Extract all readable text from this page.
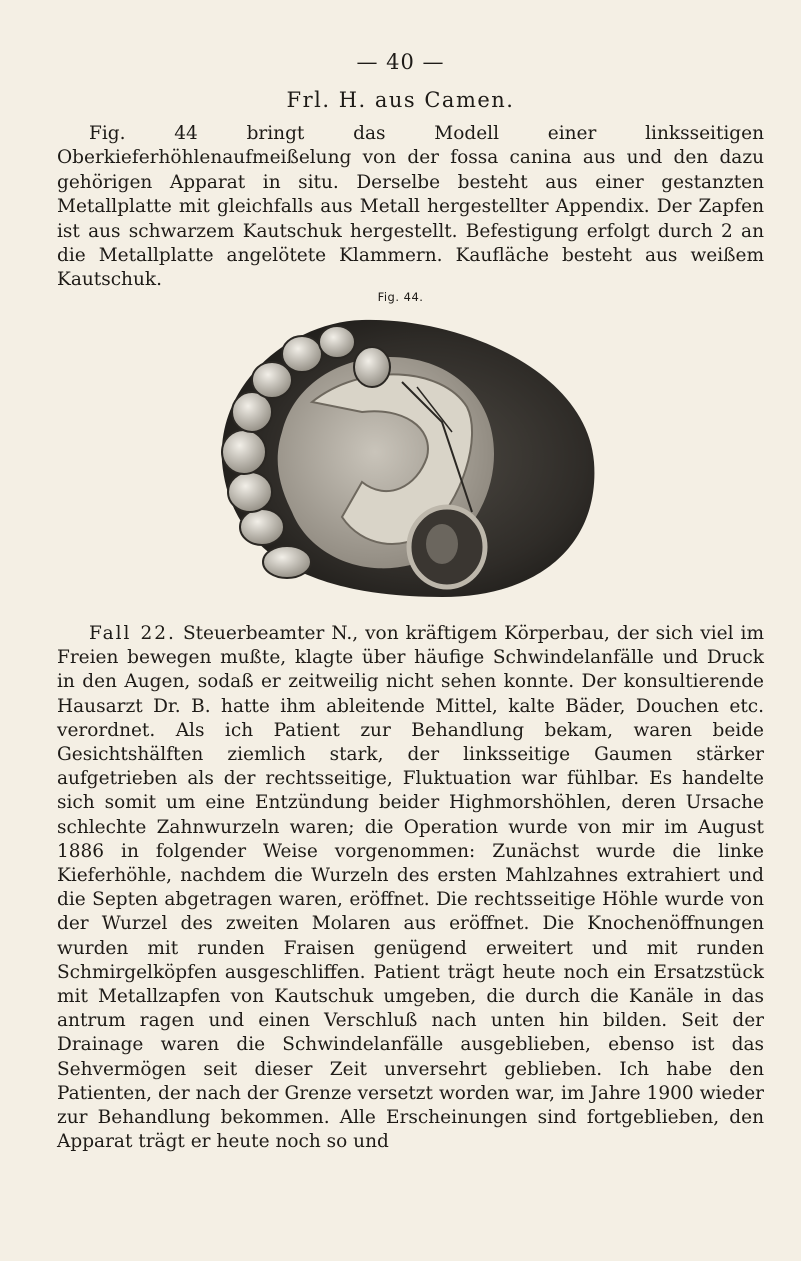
— 40 —
Frl. H. aus Camen.

Fig. 44 bringt das Modell einer linksseitigen Oberkieferhöhlenaufmeißelung von der fossa canina aus und den dazu gehörigen Apparat in situ. Derselbe besteht aus einer gestanzten Metallplatte mit gleichfalls aus Metall hergestellter Appendix. Der Zapfen ist aus schwarzem Kautschuk hergestellt. Befestigung erfolgt durch 2 an die Metallplatte angelötete Klammern. Kaufläche besteht aus weißem Kautschuk.

Fig. 44.

Fall 22. Steuerbeamter N., von kräftigem Körperbau, der sich viel im Freien bewegen mußte, klagte über häufige Schwindelanfälle und Druck in den Augen, sodaß er zeitweilig nicht sehen konnte. Der konsultierende Hausarzt Dr. B. hatte ihm ableitende Mittel, kalte Bäder, Douchen etc. verordnet. Als ich Patient zur Behandlung bekam, waren beide Gesichtshälften ziemlich stark, der linksseitige Gaumen stärker aufgetrieben als der rechtsseitige, Fluktuation war fühlbar. Es handelte sich somit um eine Entzündung beider Highmorshöhlen, deren Ursache schlechte Zahnwurzeln waren; die Operation wurde von mir im August 1886 in folgender Weise vorgenommen: Zunächst wurde die linke Kieferhöhle, nachdem die Wurzeln des ersten Mahlzahnes extrahiert und die Septen abgetragen waren, eröffnet. Die rechtsseitige Höhle wurde von der Wurzel des zweiten Molaren aus eröffnet. Die Knochenöffnungen wurden mit runden Fraisen genügend erweitert und mit runden Schmirgelköpfen ausgeschliffen. Patient trägt heute noch ein Ersatzstück mit Metallzapfen von Kautschuk umgeben, die durch die Kanäle in das antrum ragen und einen Verschluß nach unten hin bilden. Seit der Drainage waren die Schwindelanfälle ausgeblieben, ebenso ist das Sehvermögen seit dieser Zeit unversehrt geblieben. Ich habe den Patienten, der nach der Grenze versetzt worden war, im Jahre 1900 wieder zur Behandlung bekommen. Alle Erscheinungen sind fortgeblieben, den Apparat trägt er heute noch so und
